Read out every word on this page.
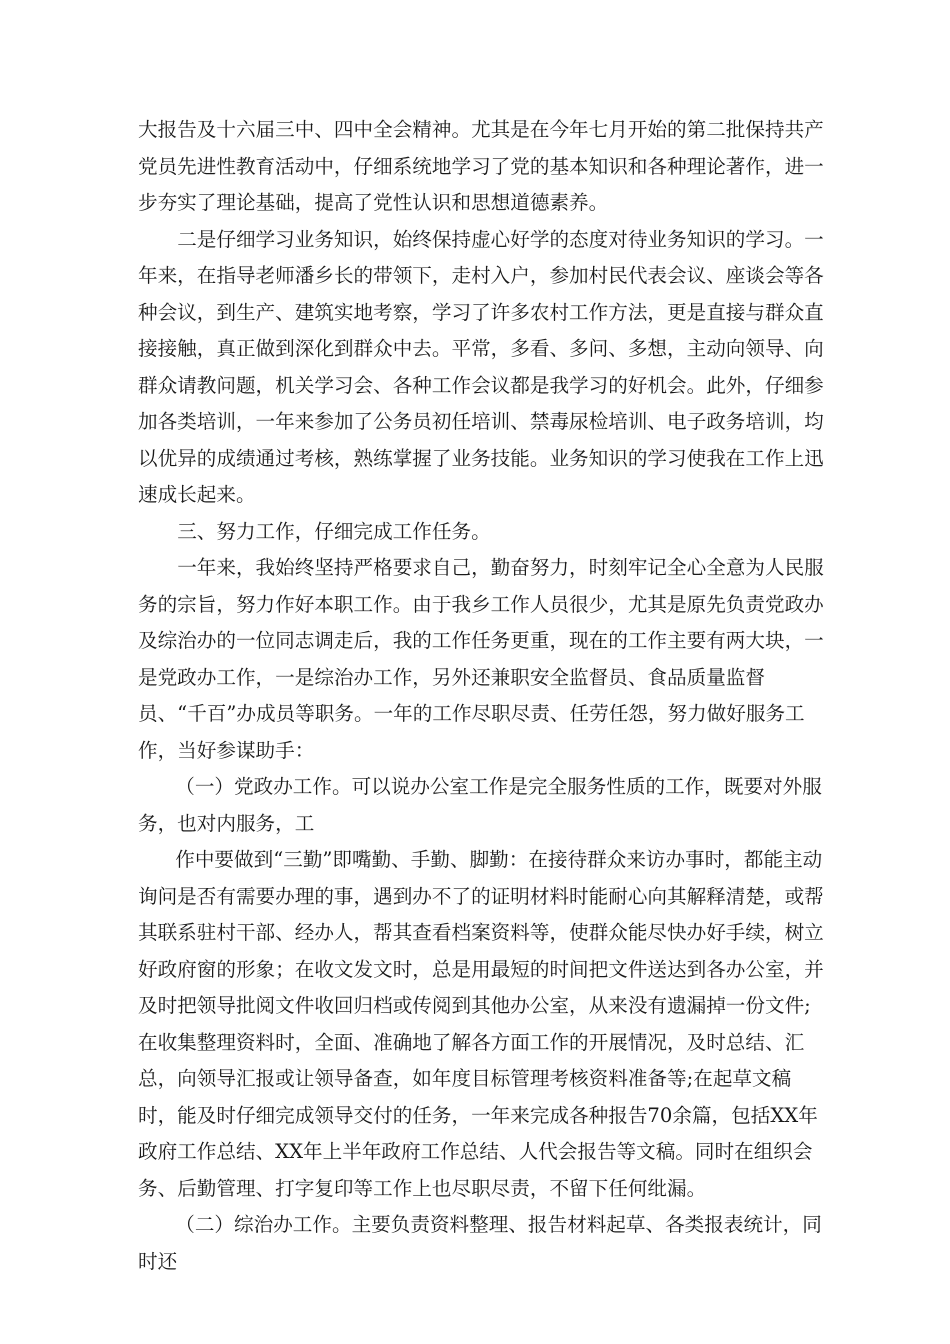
大报告及十六届三中、四中全会精神。尤其是在今年七月开始的第二批保持共产党员先进性教育活动中，仔细系统地学习了党的基本知识和各种理论著作，进一步夯实了理论基础，提高了党性认识和思想道德素养。

二是仔细学习业务知识，始终保持虚心好学的态度对待业务知识的学习。一年来，在指导老师潘乡长的带领下，走村入户，参加村民代表会议、座谈会等各种会议，到生产、建筑实地考察，学习了许多农村工作方法，更是直接与群众直接接触，真正做到深化到群众中去。平常，多看、多问、多想，主动向领导、向群众请教问题，机关学习会、各种工作会议都是我学习的好机会。此外，仔细参加各类培训，一年来参加了公务员初任培训、禁毒尿检培训、电子政务培训，均以优异的成绩通过考核，熟练掌握了业务技能。业务知识的学习使我在工作上迅速成长起来。

三、努力工作，仔细完成工作任务。

一年来，我始终坚持严格要求自己，勤奋努力，时刻牢记全心全意为人民服务的宗旨，努力作好本职工作。由于我乡工作人员很少，尤其是原先负责党政办及综治办的一位同志调走后，我的工作任务更重，现在的工作主要有两大块，一是党政办工作，一是综治办工作，另外还兼职安全监督员、食品质量监督员、“千百”办成员等职务。一年的工作尽职尽责、任劳任怨，努力做好服务工作，当好参谋助手：

（一）党政办工作。可以说办公室工作是完全服务性质的工作，既要对外服务，也对内服务，工

作中要做到“三勤”即嘴勤、手勤、脚勤：在接待群众来访办事时，都能主动询问是否有需要办理的事，遇到办不了的证明材料时能耐心向其解释清楚，或帮其联系驻村干部、经办人，帮其查看档案资料等，使群众能尽快办好手续，树立好政府窗的形象；在收文发文时，总是用最短的时间把文件送达到各办公室，并及时把领导批阅文件收回归档或传阅到其他办公室，从来没有遗漏掉一份文件;在收集整理资料时，全面、准确地了解各方面工作的开展情况，及时总结、汇总，向领导汇报或让领导备查，如年度目标管理考核资料准备等;在起草文稿时，能及时仔细完成领导交付的任务，一年来完成各种报告70余篇，包括XX年政府工作总结、XX年上半年政府工作总结、人代会报告等文稿。同时在组织会务、后勤管理、打字复印等工作上也尽职尽责，不留下任何纰漏。

（二）综治办工作。主要负责资料整理、报告材料起草、各类报表统计，同时还
